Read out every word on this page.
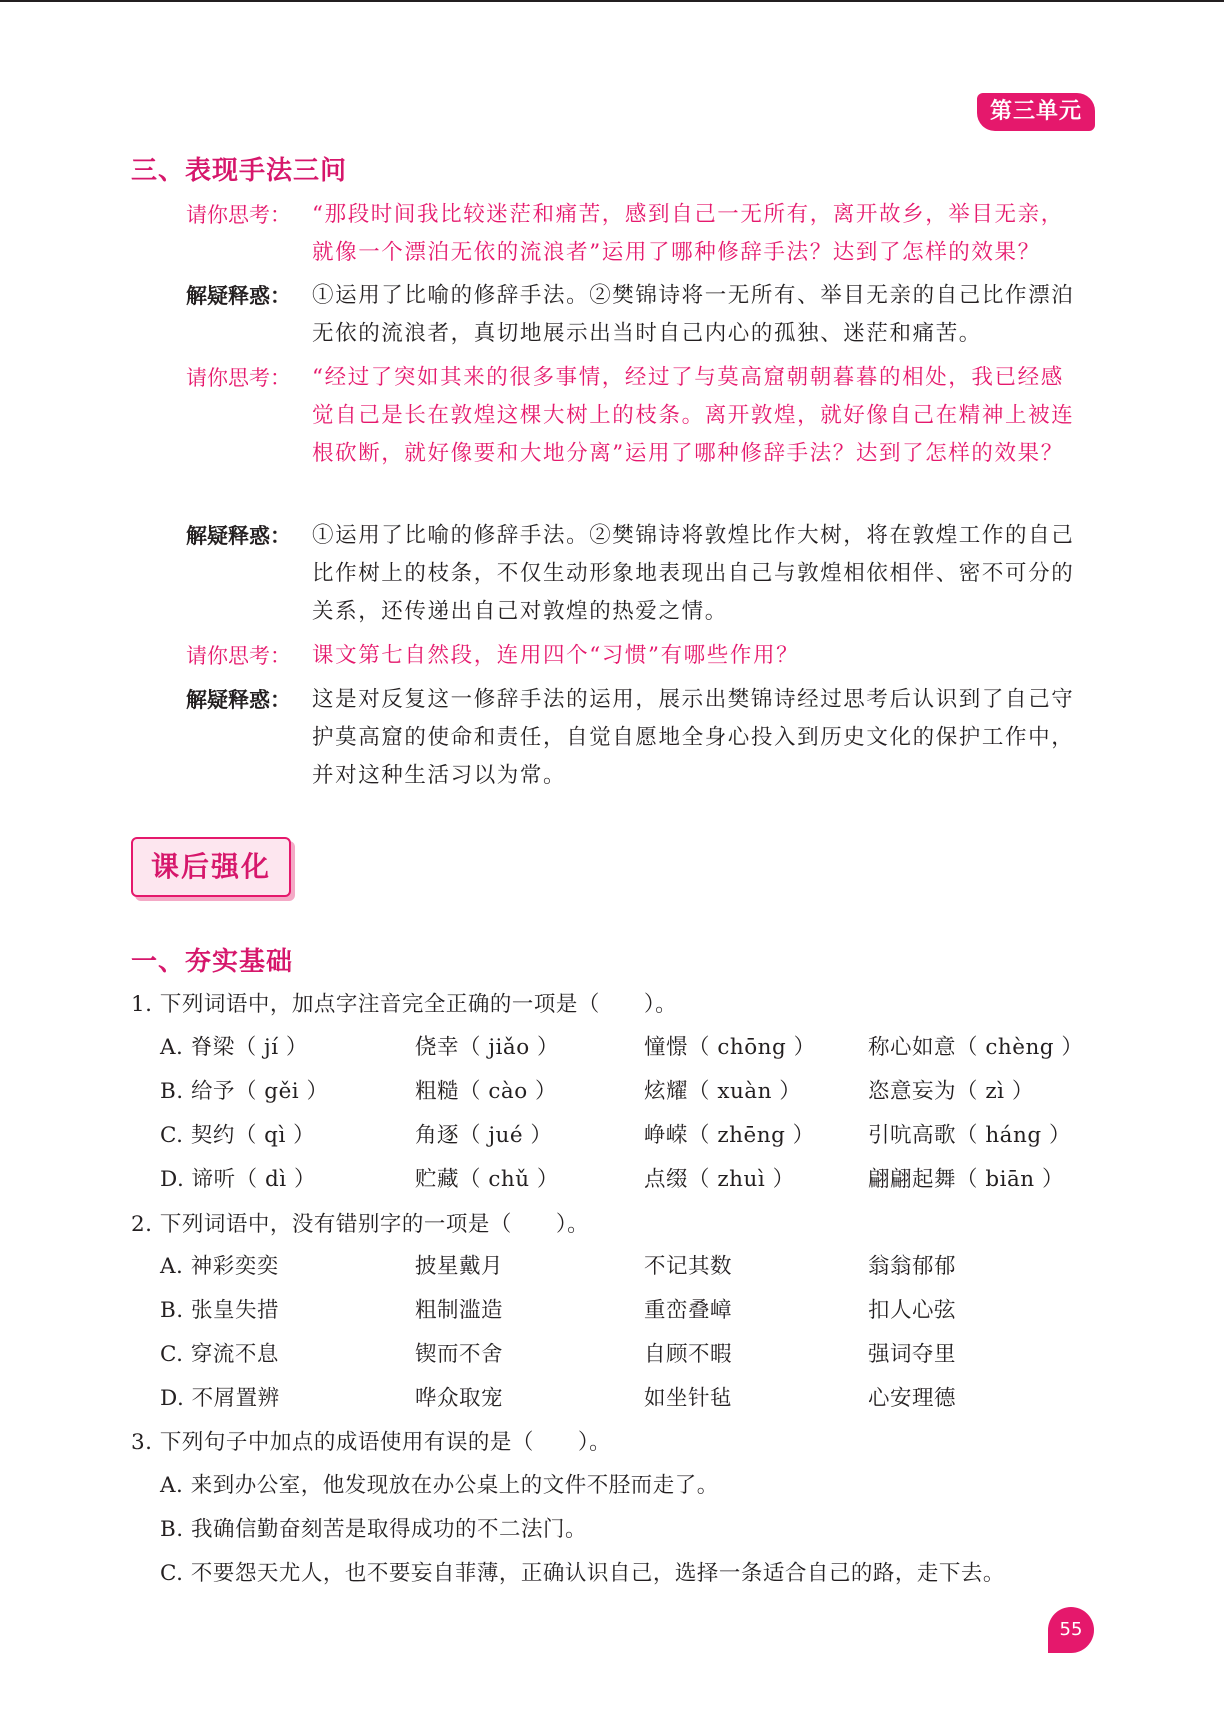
第三单元
三、表现手法三问
请你思考： “那段时间我比较迷茫和痛苦，感到自己一无所有，离开故乡，举目无亲，就像一个漂泊无依的流浪者”运用了哪种修辞手法？达到了怎样的效果？
解疑释惑： ①运用了比喻的修辞手法。②樊锦诗将一无所有、举目无亲的自己比作漂泊无依的流浪者，真切地展示出当时自己内心的孤独、迷茫和痛苦。
请你思考： “经过了突如其来的很多事情，经过了与莫高窟朝朝暮暮的相处，我已经感觉自己是长在敦煌这棵大树上的枝条。离开敦煌，就好像自己在精神上被连根砍断，就好像要和大地分离”运用了哪种修辞手法？达到了怎样的效果？
解疑释惑： ①运用了比喻的修辞手法。②樊锦诗将敦煌比作大树，将在敦煌工作的自己比作树上的枝条，不仅生动形象地表现出自己与敦煌相依相伴、密不可分的关系，还传递出自己对敦煌的热爱之情。
请你思考： 课文第七自然段，连用四个“习惯”有哪些作用？
解疑释惑： 这是对反复这一修辞手法的运用，展示出樊锦诗经过思考后认识到了自己守护莫高窟的使命和责任，自觉自愿地全身心投入到历史文化的保护工作中，并对这种生活习以为常。
课后强化
一、夯实基础
1. 下列词语中，加点字注音完全正确的一项是（　　）。
A. 脊梁（ jí ）	侥幸（ jiǎo ）	憧憬（ chōng ） 称心如意（ chèng ）
B. 给予（ gěi ）	粗糙（ cào ）	炫耀（ xuàn ）	恣意妄为（ zì ）
C. 契约（ qì ）	角逐（ jué ）	峥嵘（ zhēng ） 引吭高歌（ háng ）
D. 谛听（ dì ）	贮藏（ chǔ ）	点缀（ zhuì ）	翩翩起舞（ biān ）
2. 下列词语中，没有错别字的一项是（　　）。
A. 神彩奕奕	披星戴月	不记其数	翁翁郁郁
B. 张皇失措	粗制滥造	重峦叠嶂	扣人心弦
C. 穿流不息	锲而不舍	自顾不暇	强词夺里
D. 不屑置辨	哗众取宠	如坐针毡	心安理德
3. 下列句子中加点的成语使用有误的是（　　）。
A. 来到办公室，他发现放在办公桌上的文件不胫而走了。
B. 我确信勤奋刻苦是取得成功的不二法门。
C. 不要怨天尤人，也不要妄自菲薄，正确认识自己，选择一条适合自己的路，走下去。
55
